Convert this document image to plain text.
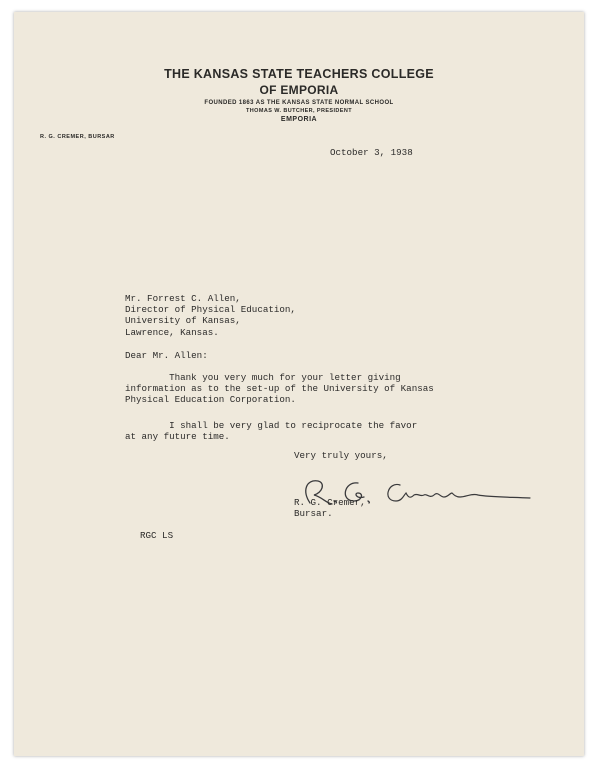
THE KANSAS STATE TEACHERS COLLEGE
OF EMPORIA
FOUNDED 1863 AS THE KANSAS STATE NORMAL SCHOOL
THOMAS W. BUTCHER, PRESIDENT
EMPORIA
R. G. CREMER, BURSAR
October 3, 1938
Mr. Forrest C. Allen,
Director of Physical Education,
University of Kansas,
Lawrence, Kansas.
Dear Mr. Allen:
Thank you very much for your letter giving
information as to the set-up of the University of Kansas
Physical Education Corporation.
I shall be very glad to reciprocate the favor
at any future time.
Very truly yours,
R. G. Cremer,
Bursar.
RGC LS
